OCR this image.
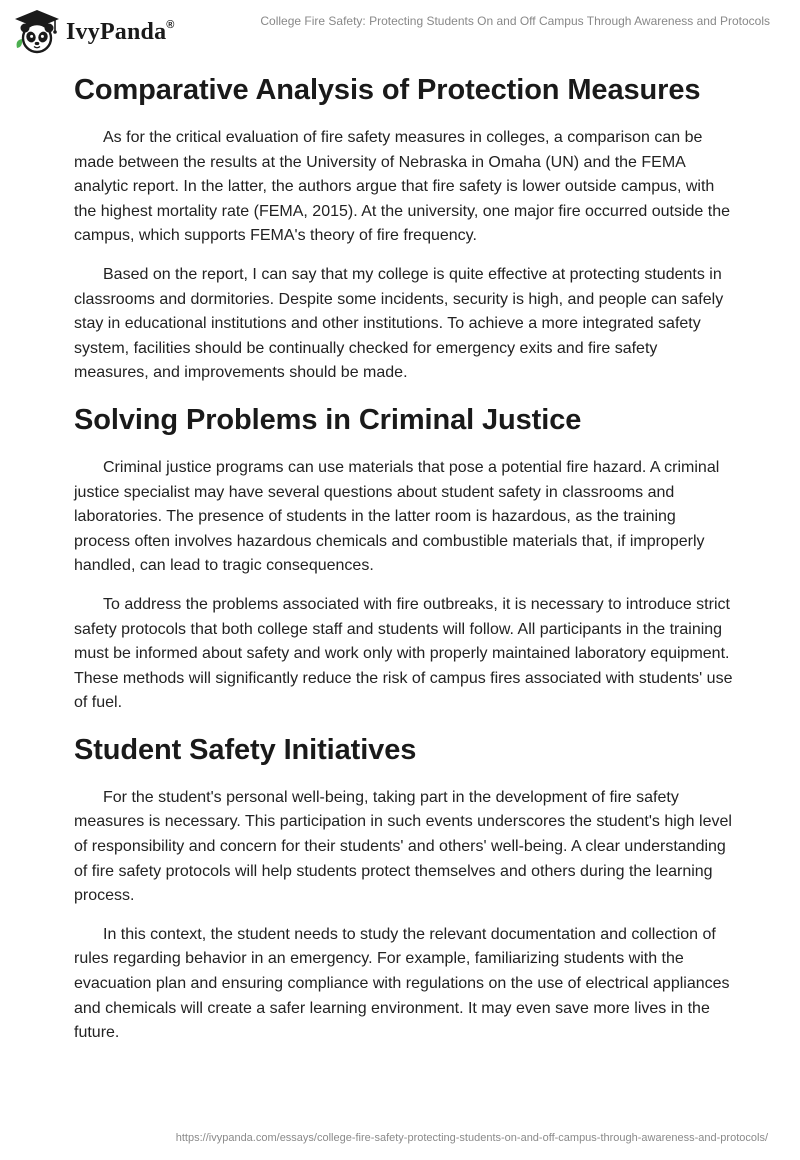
IvyPanda®	College Fire Safety: Protecting Students On and Off Campus Through Awareness and Protocols
Comparative Analysis of Protection Measures

As for the critical evaluation of fire safety measures in colleges, a comparison can be made between the results at the University of Nebraska in Omaha (UN) and the FEMA analytic report. In the latter, the authors argue that fire safety is lower outside campus, with the highest mortality rate (FEMA, 2015). At the university, one major fire occurred outside the campus, which supports FEMA's theory of fire frequency.

Based on the report, I can say that my college is quite effective at protecting students in classrooms and dormitories. Despite some incidents, security is high, and people can safely stay in educational institutions and other institutions. To achieve a more integrated safety system, facilities should be continually checked for emergency exits and fire safety measures, and improvements should be made.

Solving Problems in Criminal Justice

Criminal justice programs can use materials that pose a potential fire hazard. A criminal justice specialist may have several questions about student safety in classrooms and laboratories. The presence of students in the latter room is hazardous, as the training process often involves hazardous chemicals and combustible materials that, if improperly handled, can lead to tragic consequences.

To address the problems associated with fire outbreaks, it is necessary to introduce strict safety protocols that both college staff and students will follow. All participants in the training must be informed about safety and work only with properly maintained laboratory equipment. These methods will significantly reduce the risk of campus fires associated with students' use of fuel.

Student Safety Initiatives

For the student's personal well-being, taking part in the development of fire safety measures is necessary. This participation in such events underscores the student's high level of responsibility and concern for their students' and others' well-being. A clear understanding of fire safety protocols will help students protect themselves and others during the learning process.

In this context, the student needs to study the relevant documentation and collection of rules regarding behavior in an emergency. For example, familiarizing students with the evacuation plan and ensuring compliance with regulations on the use of electrical appliances and chemicals will create a safer learning environment. It may even save more lives in the future.

https://ivypanda.com/essays/college-fire-safety-protecting-students-on-and-off-campus-through-awareness-and-protocols/
